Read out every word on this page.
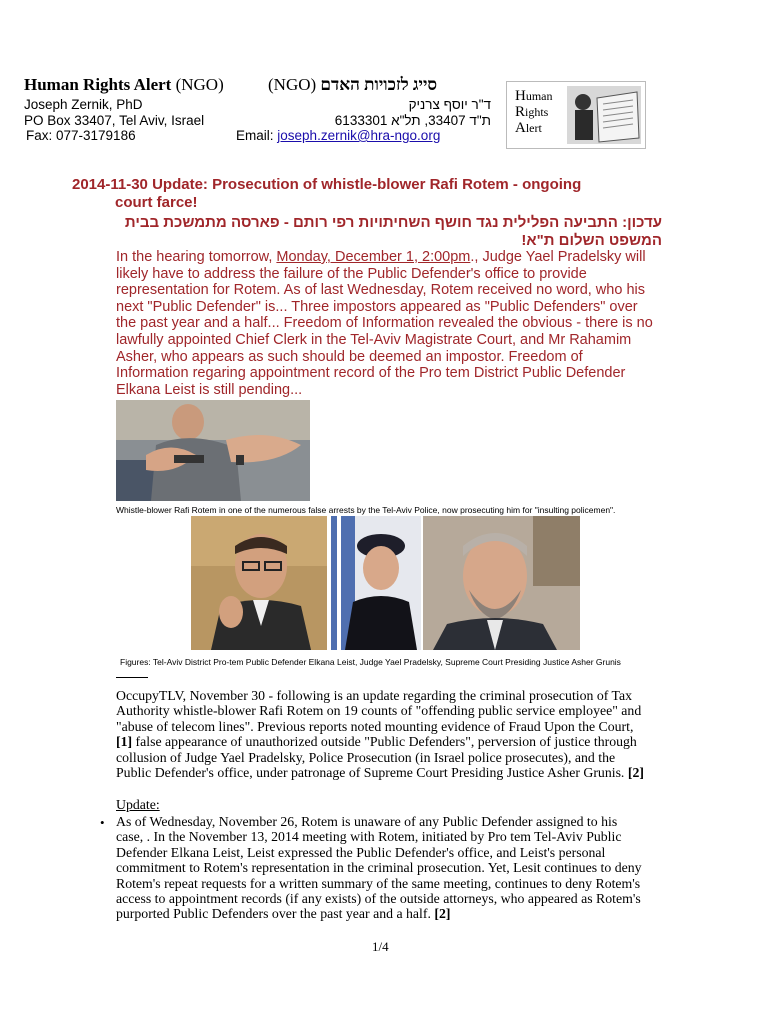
Human Rights Alert (NGO)	(NGO) סייג לזכויות האדם
Joseph Zernik, PhD
PO Box 33407, Tel Aviv, Israel
Fax: 077-3179186
ד"ר יוסף צרניק
ת"ד 33407, תל"א 6133301
Email: joseph.zernik@hra-ngo.org
Human
Rights
Alert
2014-11-30 Update: Prosecution of whistle-blower Rafi Rotem - ongoing
court farce!
עדכון: התביעה הפלילית נגד חושף השחיתויות רפי רותם - פארסה מתמשכת בבית המשפט השלום ת"א!
In the hearing tomorrow, Monday, December 1, 2:00pm., Judge Yael Pradelsky will likely have to address the failure of the Public Defender's office to provide representation for Rotem. As of last Wednesday, Rotem received no word, who his next "Public Defender" is... Three impostors appeared as "Public Defenders" over the past year and a half... Freedom of Information revealed the obvious - there is no lawfully appointed Chief Clerk in the Tel-Aviv Magistrate Court, and Mr Rahamim Asher, who appears as such should be deemed an impostor. Freedom of Information regaring appointment record of the Pro tem District Public Defender Elkana Leist is still pending...
Whistle-blower Rafi Rotem in one of the numerous false arrests by the Tel-Aviv Police, now prosecuting him for "insulting policemen".
Figures: Tel-Aviv District Pro-tem Public Defender Elkana Leist, Judge Yael Pradelsky, Supreme Court Presiding Justice Asher Grunis
OccupyTLV, November 30 - following is an update regarding the criminal prosecution of Tax Authority whistle-blower Rafi Rotem on 19 counts of "offending public service employee" and "abuse of telecom lines". Previous reports noted mounting evidence of Fraud Upon the Court, [1] false appearance of unauthorized outside "Public Defenders", perversion of justice through collusion of Judge Yael Pradelsky, Police Prosecution (in Israel police prosecutes), and the Public Defender's office, under patronage of Supreme Court Presiding Justice Asher Grunis. [2]
Update:
• As of Wednesday, November 26, Rotem is unaware of any Public Defender assigned to his case, . In the November 13, 2014 meeting with Rotem, initiated by Pro tem Tel-Aviv Public Defender Elkana Leist, Leist expressed the Public Defender's office, and Leist's personal commitment to Rotem's representation in the criminal prosecution. Yet, Lesit continues to deny Rotem's repeat requests for a written summary of the same meeting, continues to deny Rotem's access to appointment records (if any exists) of the outside attorneys, who appeared as Rotem's purported Public Defenders over the past year and a half. [2]
1/4
